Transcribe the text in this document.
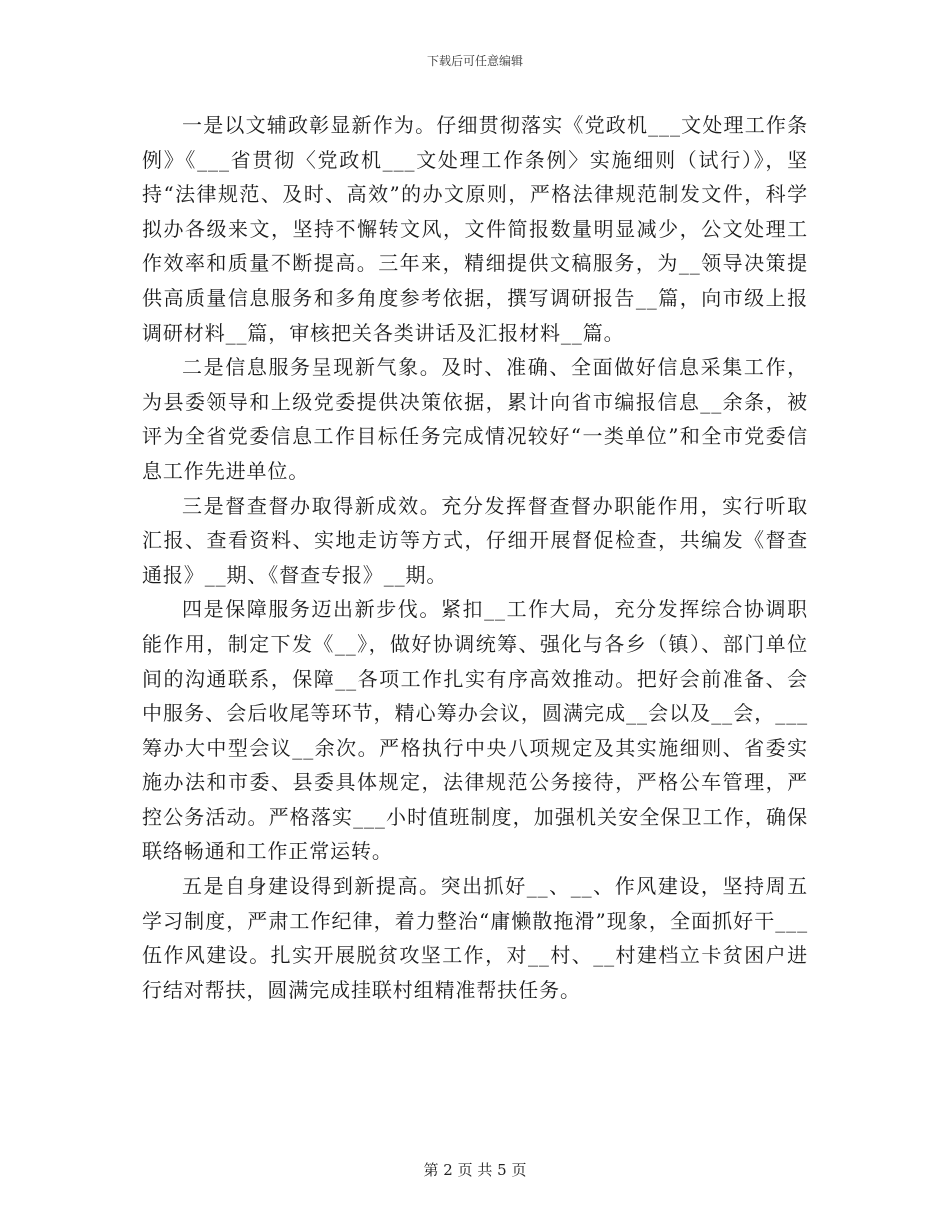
下载后可任意编辑

一是以文辅政彰显新作为。仔细贯彻落实《党政机___文处理工作条例》《___省贯彻〈党政机___文处理工作条例〉实施细则（试行）》，坚持“法律规范、及时、高效”的办文原则，严格法律规范制发文件，科学拟办各级来文，坚持不懈转文风，文件简报数量明显减少，公文处理工作效率和质量不断提高。三年来，精细提供文稿服务，为__领导决策提供高质量信息服务和多角度参考依据，撰写调研报告__篇，向市级上报调研材料__篇，审核把关各类讲话及汇报材料__篇。

二是信息服务呈现新气象。及时、准确、全面做好信息采集工作，为县委领导和上级党委提供决策依据，累计向省市编报信息__余条，被评为全省党委信息工作目标任务完成情况较好“一类单位”和全市党委信息工作先进单位。

三是督查督办取得新成效。充分发挥督查督办职能作用，实行听取汇报、查看资料、实地走访等方式，仔细开展督促检查，共编发《督查通报》__期、《督查专报》__期。

四是保障服务迈出新步伐。紧扣__工作大局，充分发挥综合协调职能作用，制定下发《__》，做好协调统筹、强化与各乡（镇）、部门单位间的沟通联系，保障__各项工作扎实有序高效推动。把好会前准备、会中服务、会后收尾等环节，精心筹办会议，圆满完成__会以及__会，___筹办大中型会议__余次。严格执行中央八项规定及其实施细则、省委实施办法和市委、县委具体规定，法律规范公务接待，严格公车管理，严控公务活动。严格落实___小时值班制度，加强机关安全保卫工作，确保联络畅通和工作正常运转。

五是自身建设得到新提高。突出抓好__、__、作风建设，坚持周五学习制度，严肃工作纪律，着力整治“庸懒散拖滑”现象，全面抓好干___伍作风建设。扎实开展脱贫攻坚工作，对__村、__村建档立卡贫困户进行结对帮扶，圆满完成挂联村组精准帮扶任务。

第 2 页 共 5 页
